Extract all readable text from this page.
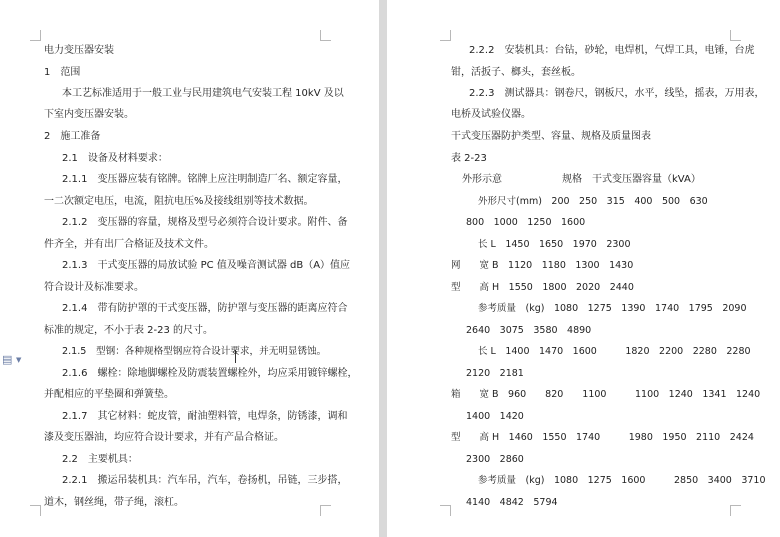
▤ ▼
电力变压器安装
1　范围
本工艺标准适用于一般工业与民用建筑电气安装工程 10kV 及以
下室内变压器安装。
2　施工准备
2.1　设备及材料要求：
2.1.1　变压器应装有铭牌。铭牌上应注明制造厂名、额定容量，
一二次额定电压，电流，阻抗电压%及接线组别等技术数据。
2.1.2　变压器的容量，规格及型号必须符合设计要求。附件、备
件齐全，并有出厂合格证及技术文件。
2.1.3　干式变压器的局放试验 PC 值及噪音测试器 dB（A）值应
符合设计及标准要求。
2.1.4　带有防护罩的干式变压器，防护罩与变压器的距离应符合
标准的规定，不小于表 2-23 的尺寸。
2.1.5　型钢：各种规格型钢应符合设计要求，并无明显锈蚀。
2.1.6　螺栓：除地脚螺栓及防震装置螺栓外，均应采用镀锌螺栓，
并配相应的平垫圈和弹簧垫。
2.1.7　其它材料：蛇皮管，耐油塑料管，电焊条，防锈漆，调和
漆及变压器油，均应符合设计要求，并有产品合格证。
2.2　主要机具：
2.2.1　搬运吊装机具：汽车吊，汽车，卷扬机，吊链，三步搭，
道木，钢丝绳，带子绳，滚杠。
2.2.2　安装机具：台钻，砂轮，电焊机，气焊工具，电锤，台虎
钳，活扳子、榔头，套丝板。
2.2.3　测试器具：钢卷尺，钢板尺，水平，线坠，摇表，万用表，
电桥及试验仪器。
干式变压器防护类型、容量、规格及质量图表
表 2-23
外形示意　　　　　　规格　干式变压器容量（kVA）
外形尺寸(mm)　200　250　315　400　500　630
800　1000　1250　1600
长 L　1450　1650　1970　2300
网　　宽 B　1120　1180　1300　1430
型　　高 H　1550　1800　2020　2440
参考质量　(kg)　1080　1275　1390　1740　1795　2090
2640　3075　3580　4890
长 L　1400　1470　1600　　　1820　2200　2280　2280
2120　2181
箱　　宽 B　960　　820　　1100　　　1100　1240　1341　1240
1400　1420
型　　高 H　1460　1550　1740　　　1980　1950　2110　2424
2300　2860
参考质量　(kg)　1080　1275　1600　　　2850　3400　3710
4140　4842　5794
